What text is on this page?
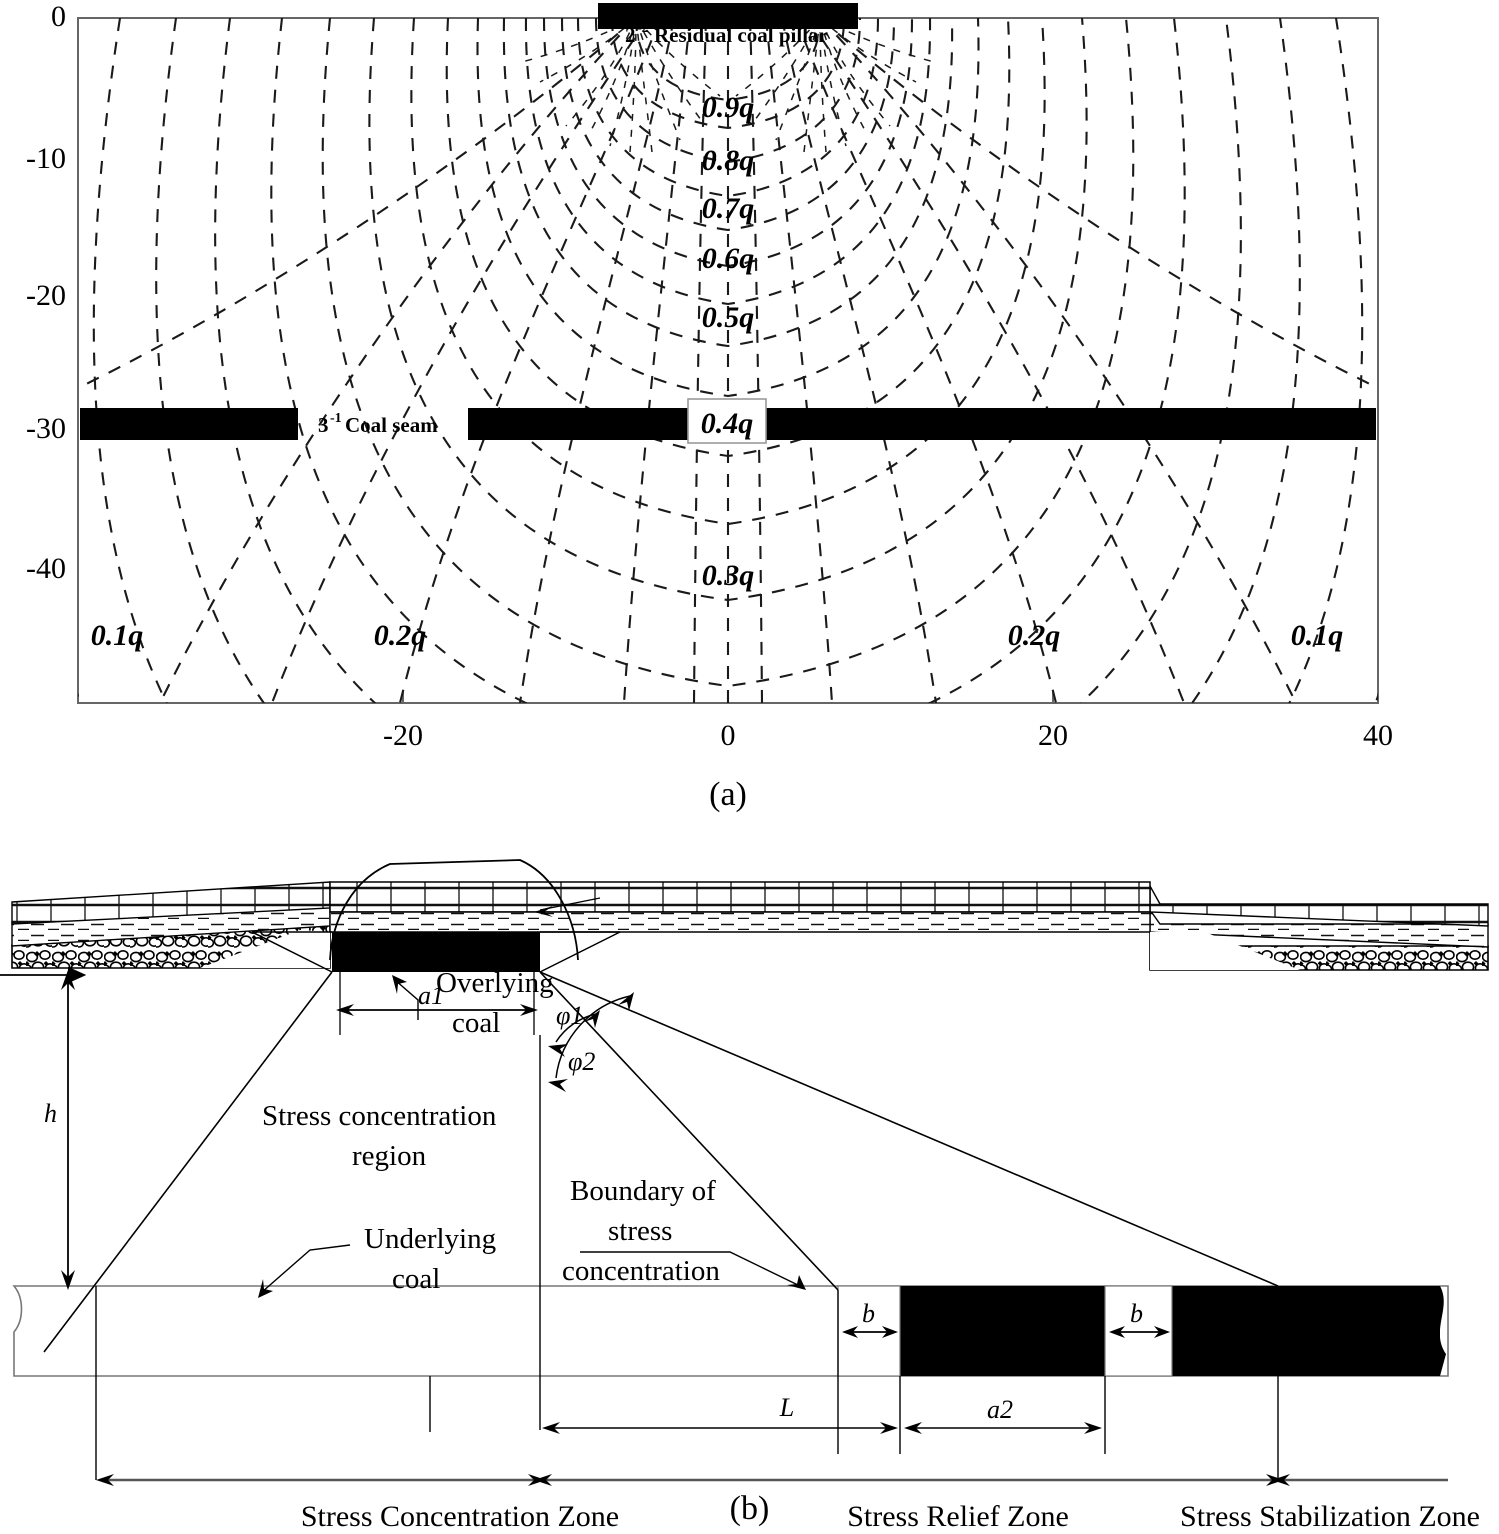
0
-10
-20
-30
-40
-20	0	20	40
2 -2 Residual coal pillar
3 -1 Coal seam
0.9q
0.8q
0.7q
0.6q
0.5q
0.4q
0.3q
0.2q
0.1q	0.2q	0.1q
(a)
h
a1
Overlying
coal φ1
φ2
Stress concentration
region
Underlying
coal
Boundary of
stress
concentration
b	b
L	a2
Stress Concentration Zone	Stress Relief Zone	Stress Stabilization Zone
(b)
